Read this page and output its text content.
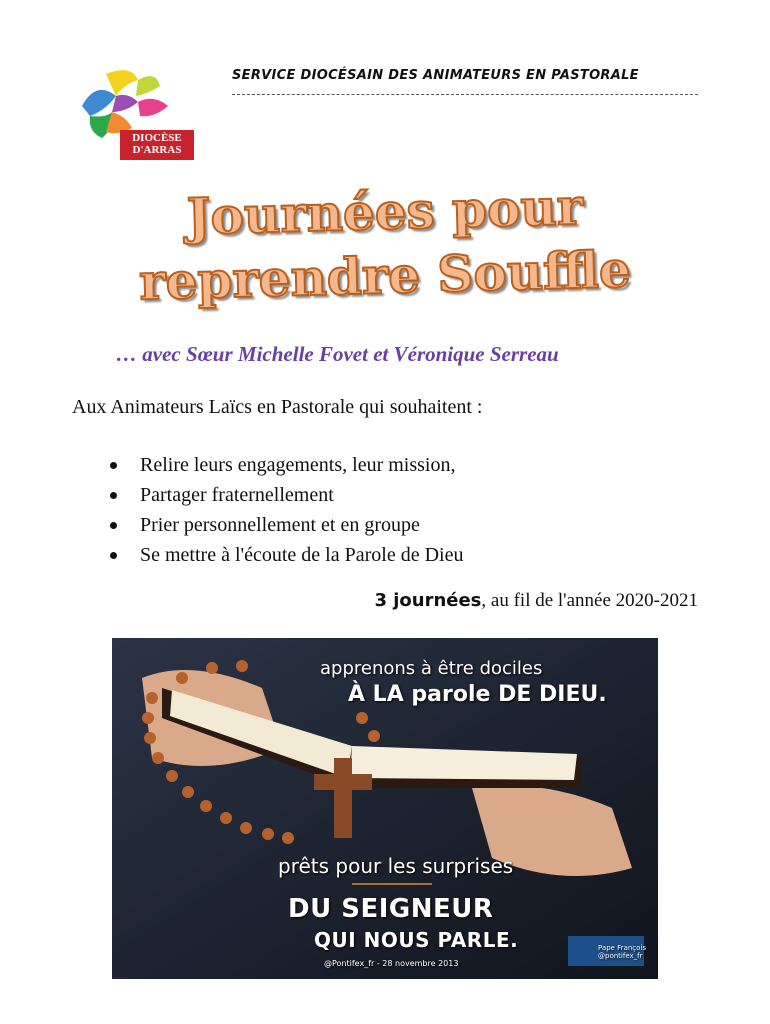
DIOCÈSE
D'ARRAS
SERVICE DIOCÉSAIN DES ANIMATEURS EN PASTORALE
Journées pour
reprendre Souffle
… avec Sœur Michelle Fovet et Véronique Serreau
Aux Animateurs Laïcs en Pastorale qui souhaitent :
Relire leurs engagements, leur mission,
Partager fraternellement
Prier personnellement et en groupe
Se mettre à l'écoute de la Parole de Dieu
3 journées, au fil de l'année 2020-2021
apprenons à être dociles
À LA parole DE DIEU.
prêts pour les surprises
DU SEIGNEUR
QUI NOUS PARLE.
@Pontifex_fr - 28 novembre 2013
Pape François @pontifex_fr
